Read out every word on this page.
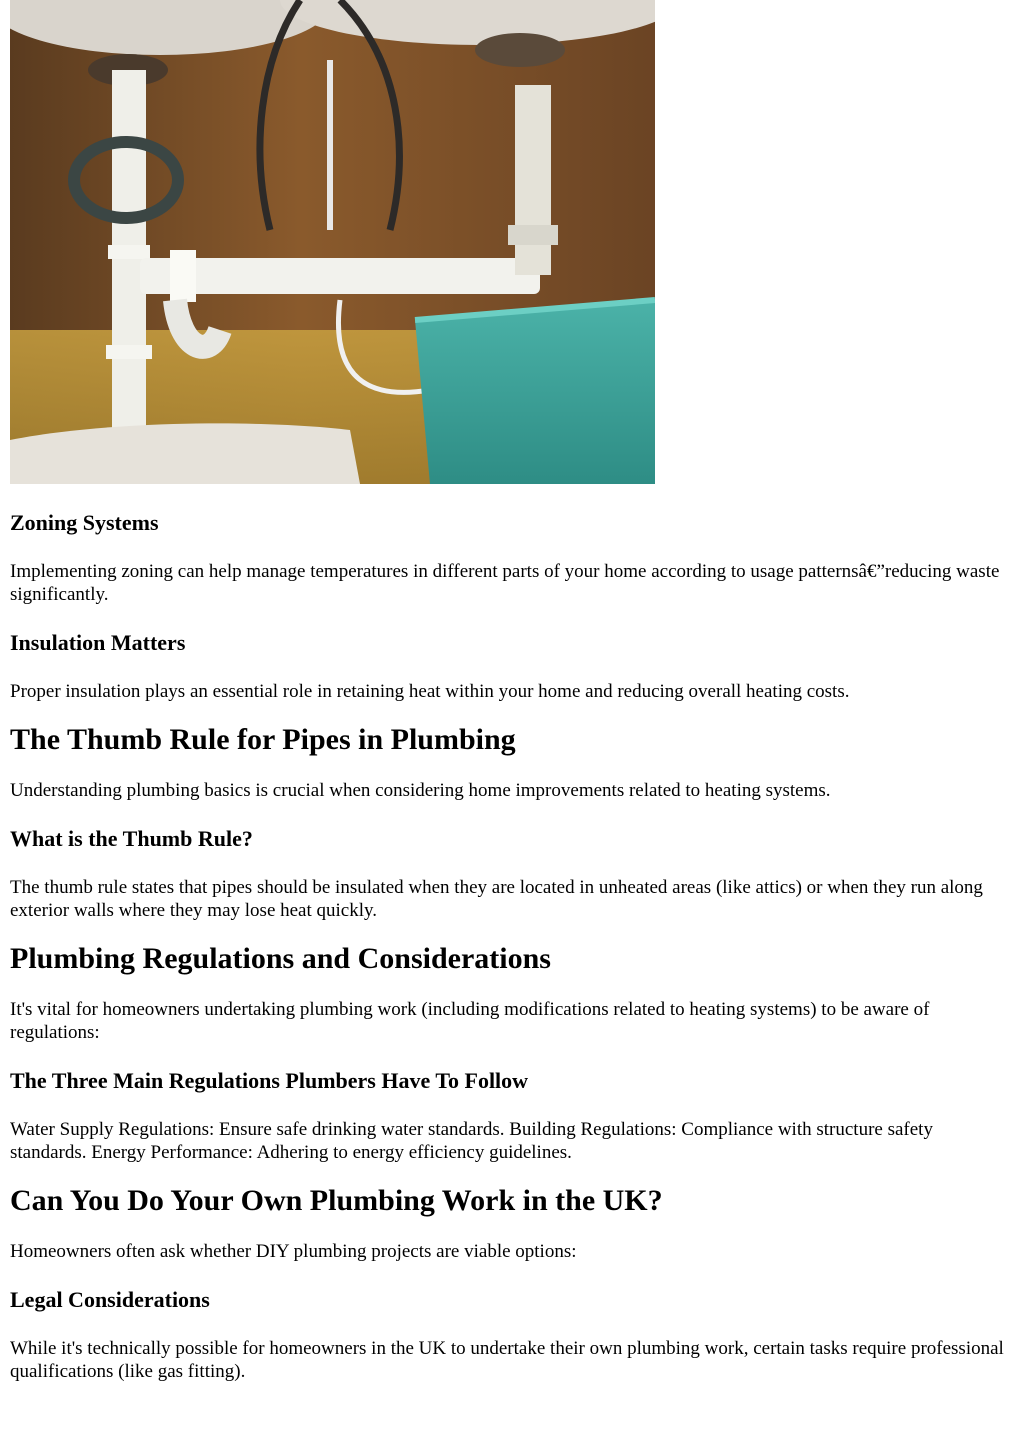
Zoning Systems

Implementing zoning can help manage temperatures in different parts of your home according to usage patternsâ€”reducing waste significantly.

Insulation Matters

Proper insulation plays an essential role in retaining heat within your home and reducing overall heating costs.

The Thumb Rule for Pipes in Plumbing

Understanding plumbing basics is crucial when considering home improvements related to heating systems.

What is the Thumb Rule?

The thumb rule states that pipes should be insulated when they are located in unheated areas (like attics) or when they run along exterior walls where they may lose heat quickly.

Plumbing Regulations and Considerations

It's vital for homeowners undertaking plumbing work (including modifications related to heating systems) to be aware of regulations:

The Three Main Regulations Plumbers Have To Follow

Water Supply Regulations: Ensure safe drinking water standards. Building Regulations: Compliance with structure safety standards. Energy Performance: Adhering to energy efficiency guidelines.

Can You Do Your Own Plumbing Work in the UK?

Homeowners often ask whether DIY plumbing projects are viable options:

Legal Considerations

While it's technically possible for homeowners in the UK to undertake their own plumbing work, certain tasks require professional qualifications (like gas fitting).
